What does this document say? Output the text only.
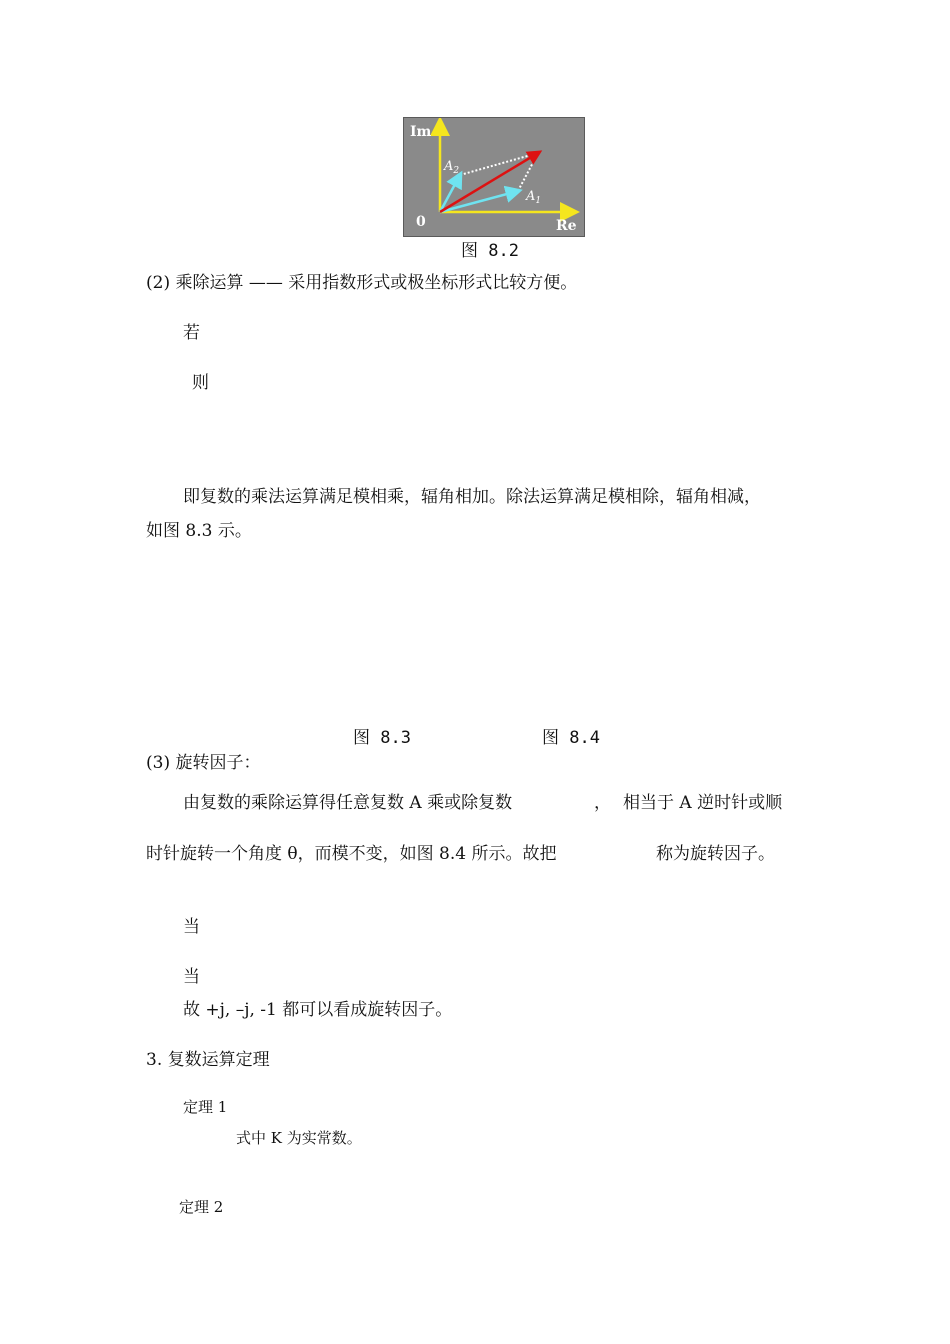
Im
Re
0
$A_2$
$A_1$
图 8.2
(2) 乘除运算 —— 采用指数形式或极坐标形式比较方便。
若
则
即复数的乘法运算满足模相乘，辐角相加。除法运算满足模相除，辐角相减，
如图 8.3 示。
图 8.3	图 8.4
(3) 旋转因子：
由复数的乘除运算得任意复数 A 乘或除复数	， 相当于 A 逆时针或顺
时针旋转一个角度 θ，而模不变，如图 8.4 所示。故把	称为旋转因子。
当
当
故 +j, –j, -1 都可以看成旋转因子。
3. 复数运算定理
定理 1
式中 K 为实常数。
定理 2
